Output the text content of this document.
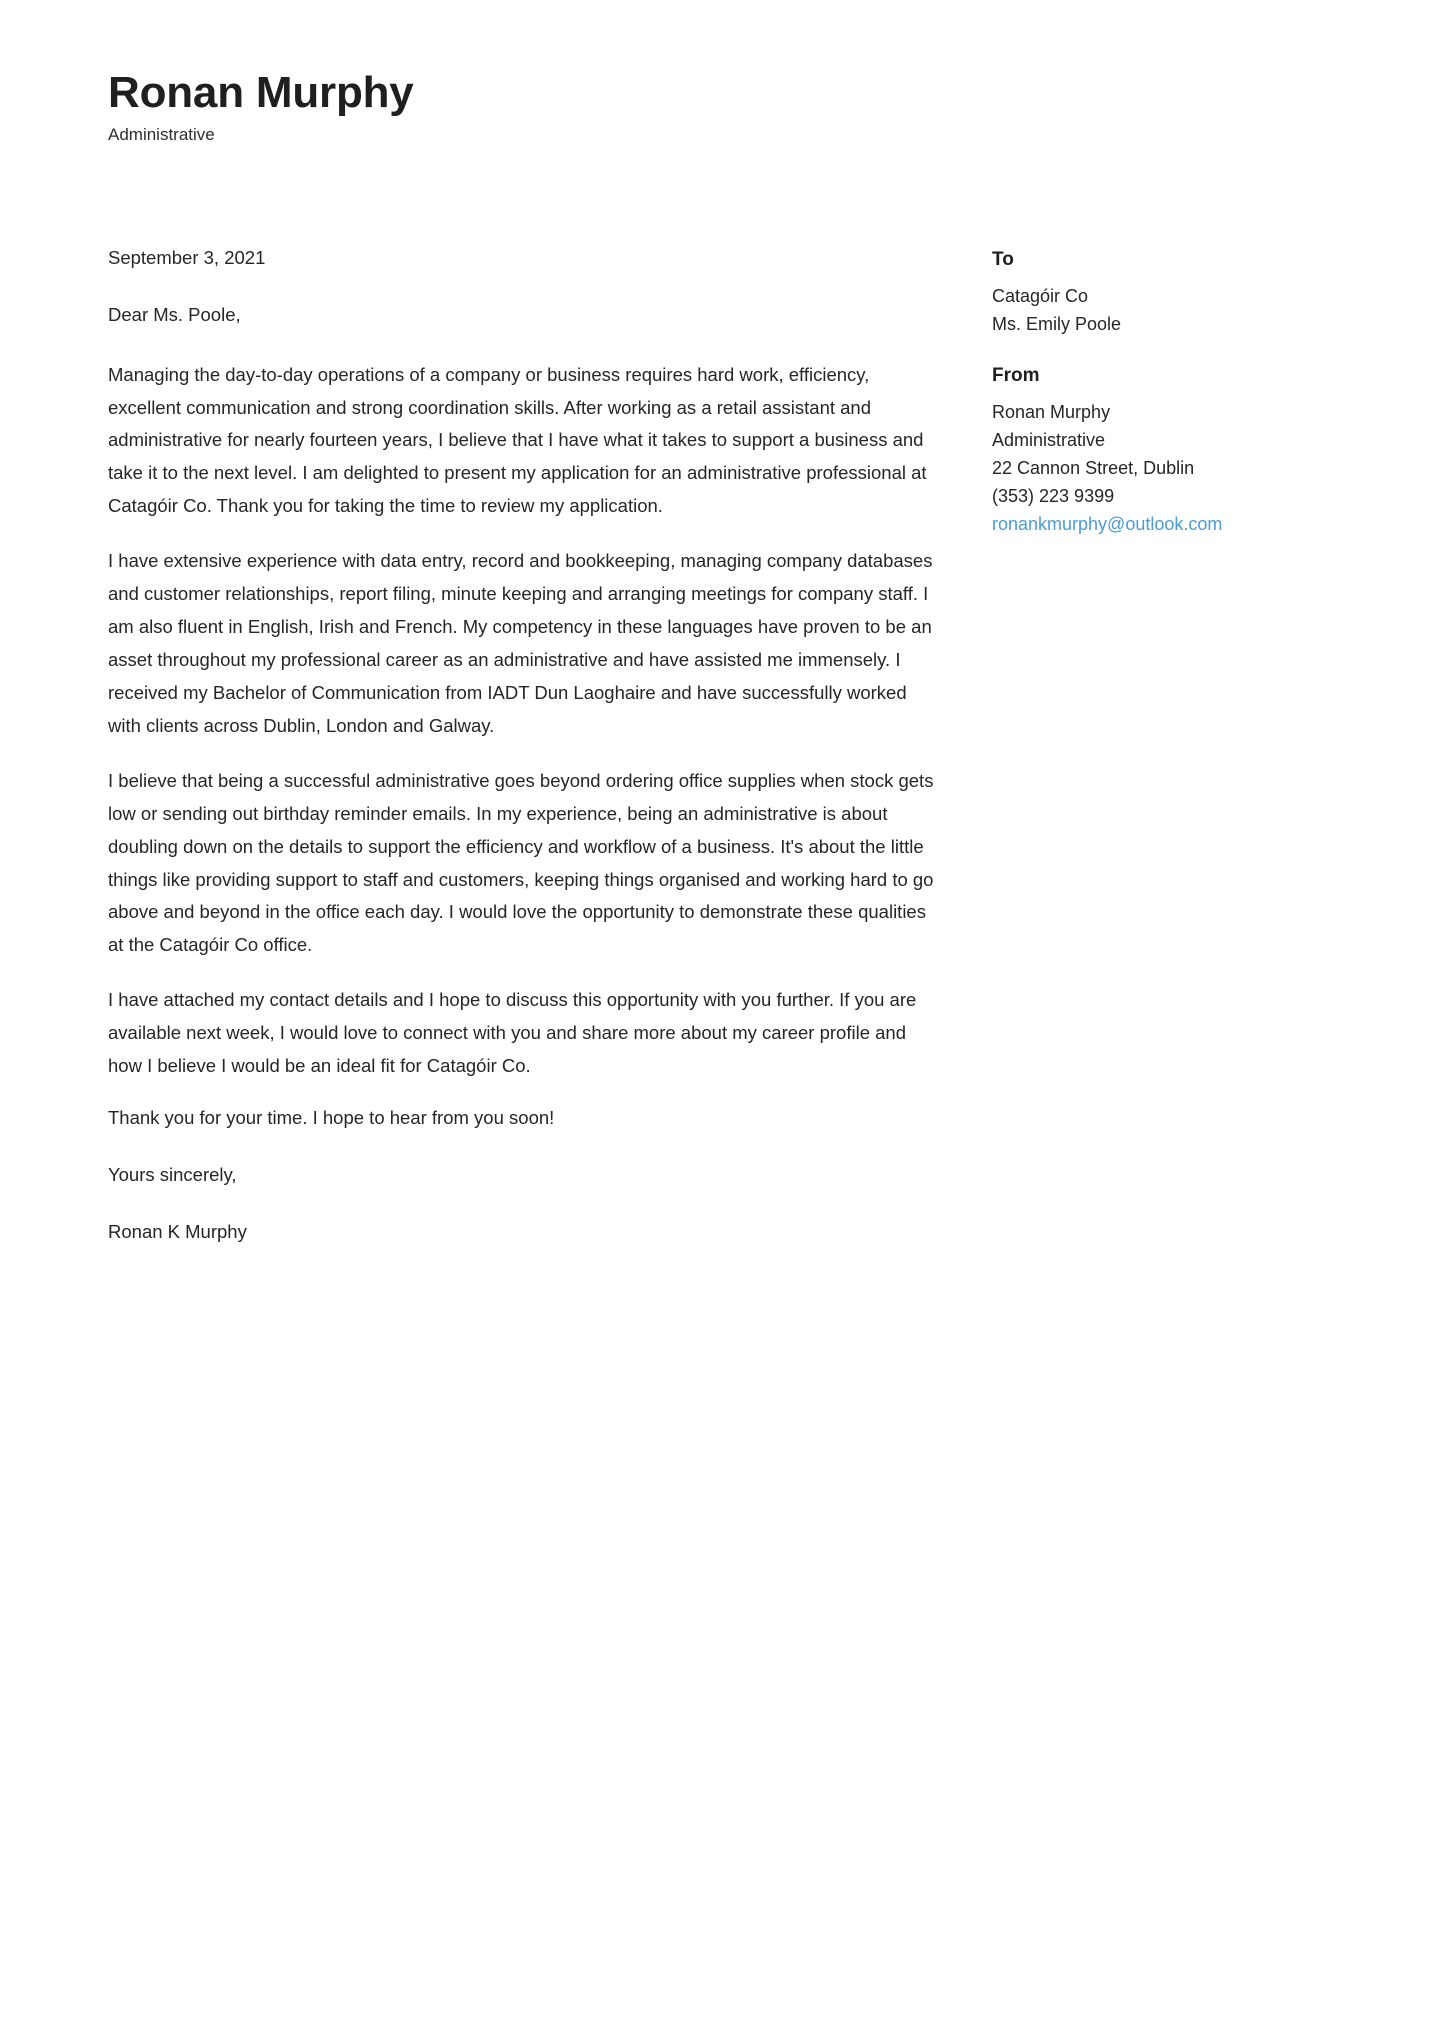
Ronan Murphy
Administrative
September 3, 2021
Dear Ms. Poole,

Managing the day-to-day operations of a company or business requires hard work, efficiency, excellent communication and strong coordination skills. After working as a retail assistant and administrative for nearly fourteen years, I believe that I have what it takes to support a business and take it to the next level. I am delighted to present my application for an administrative professional at Catagóir Co. Thank you for taking the time to review my application.

I have extensive experience with data entry, record and bookkeeping, managing company databases and customer relationships, report filing, minute keeping and arranging meetings for company staff. I am also fluent in English, Irish and French. My competency in these languages have proven to be an asset throughout my professional career as an administrative and have assisted me immensely. I received my Bachelor of Communication from IADT Dun Laoghaire and have successfully worked with clients across Dublin, London and Galway.

I believe that being a successful administrative goes beyond ordering office supplies when stock gets low or sending out birthday reminder emails. In my experience, being an administrative is about doubling down on the details to support the efficiency and workflow of a business. It's about the little things like providing support to staff and customers, keeping things organised and working hard to go above and beyond in the office each day. I would love the opportunity to demonstrate these qualities at the Catagóir Co office.

I have attached my contact details and I hope to discuss this opportunity with you further. If you are available next week, I would love to connect with you and share more about my career profile and how I believe I would be an ideal fit for Catagóir Co.

Thank you for your time. I hope to hear from you soon!
Yours sincerely,
Ronan K Murphy
To
Catagóir Co
Ms. Emily Poole
From
Ronan Murphy
Administrative
22 Cannon Street, Dublin
(353) 223 9399
ronankmurphy@outlook.com
